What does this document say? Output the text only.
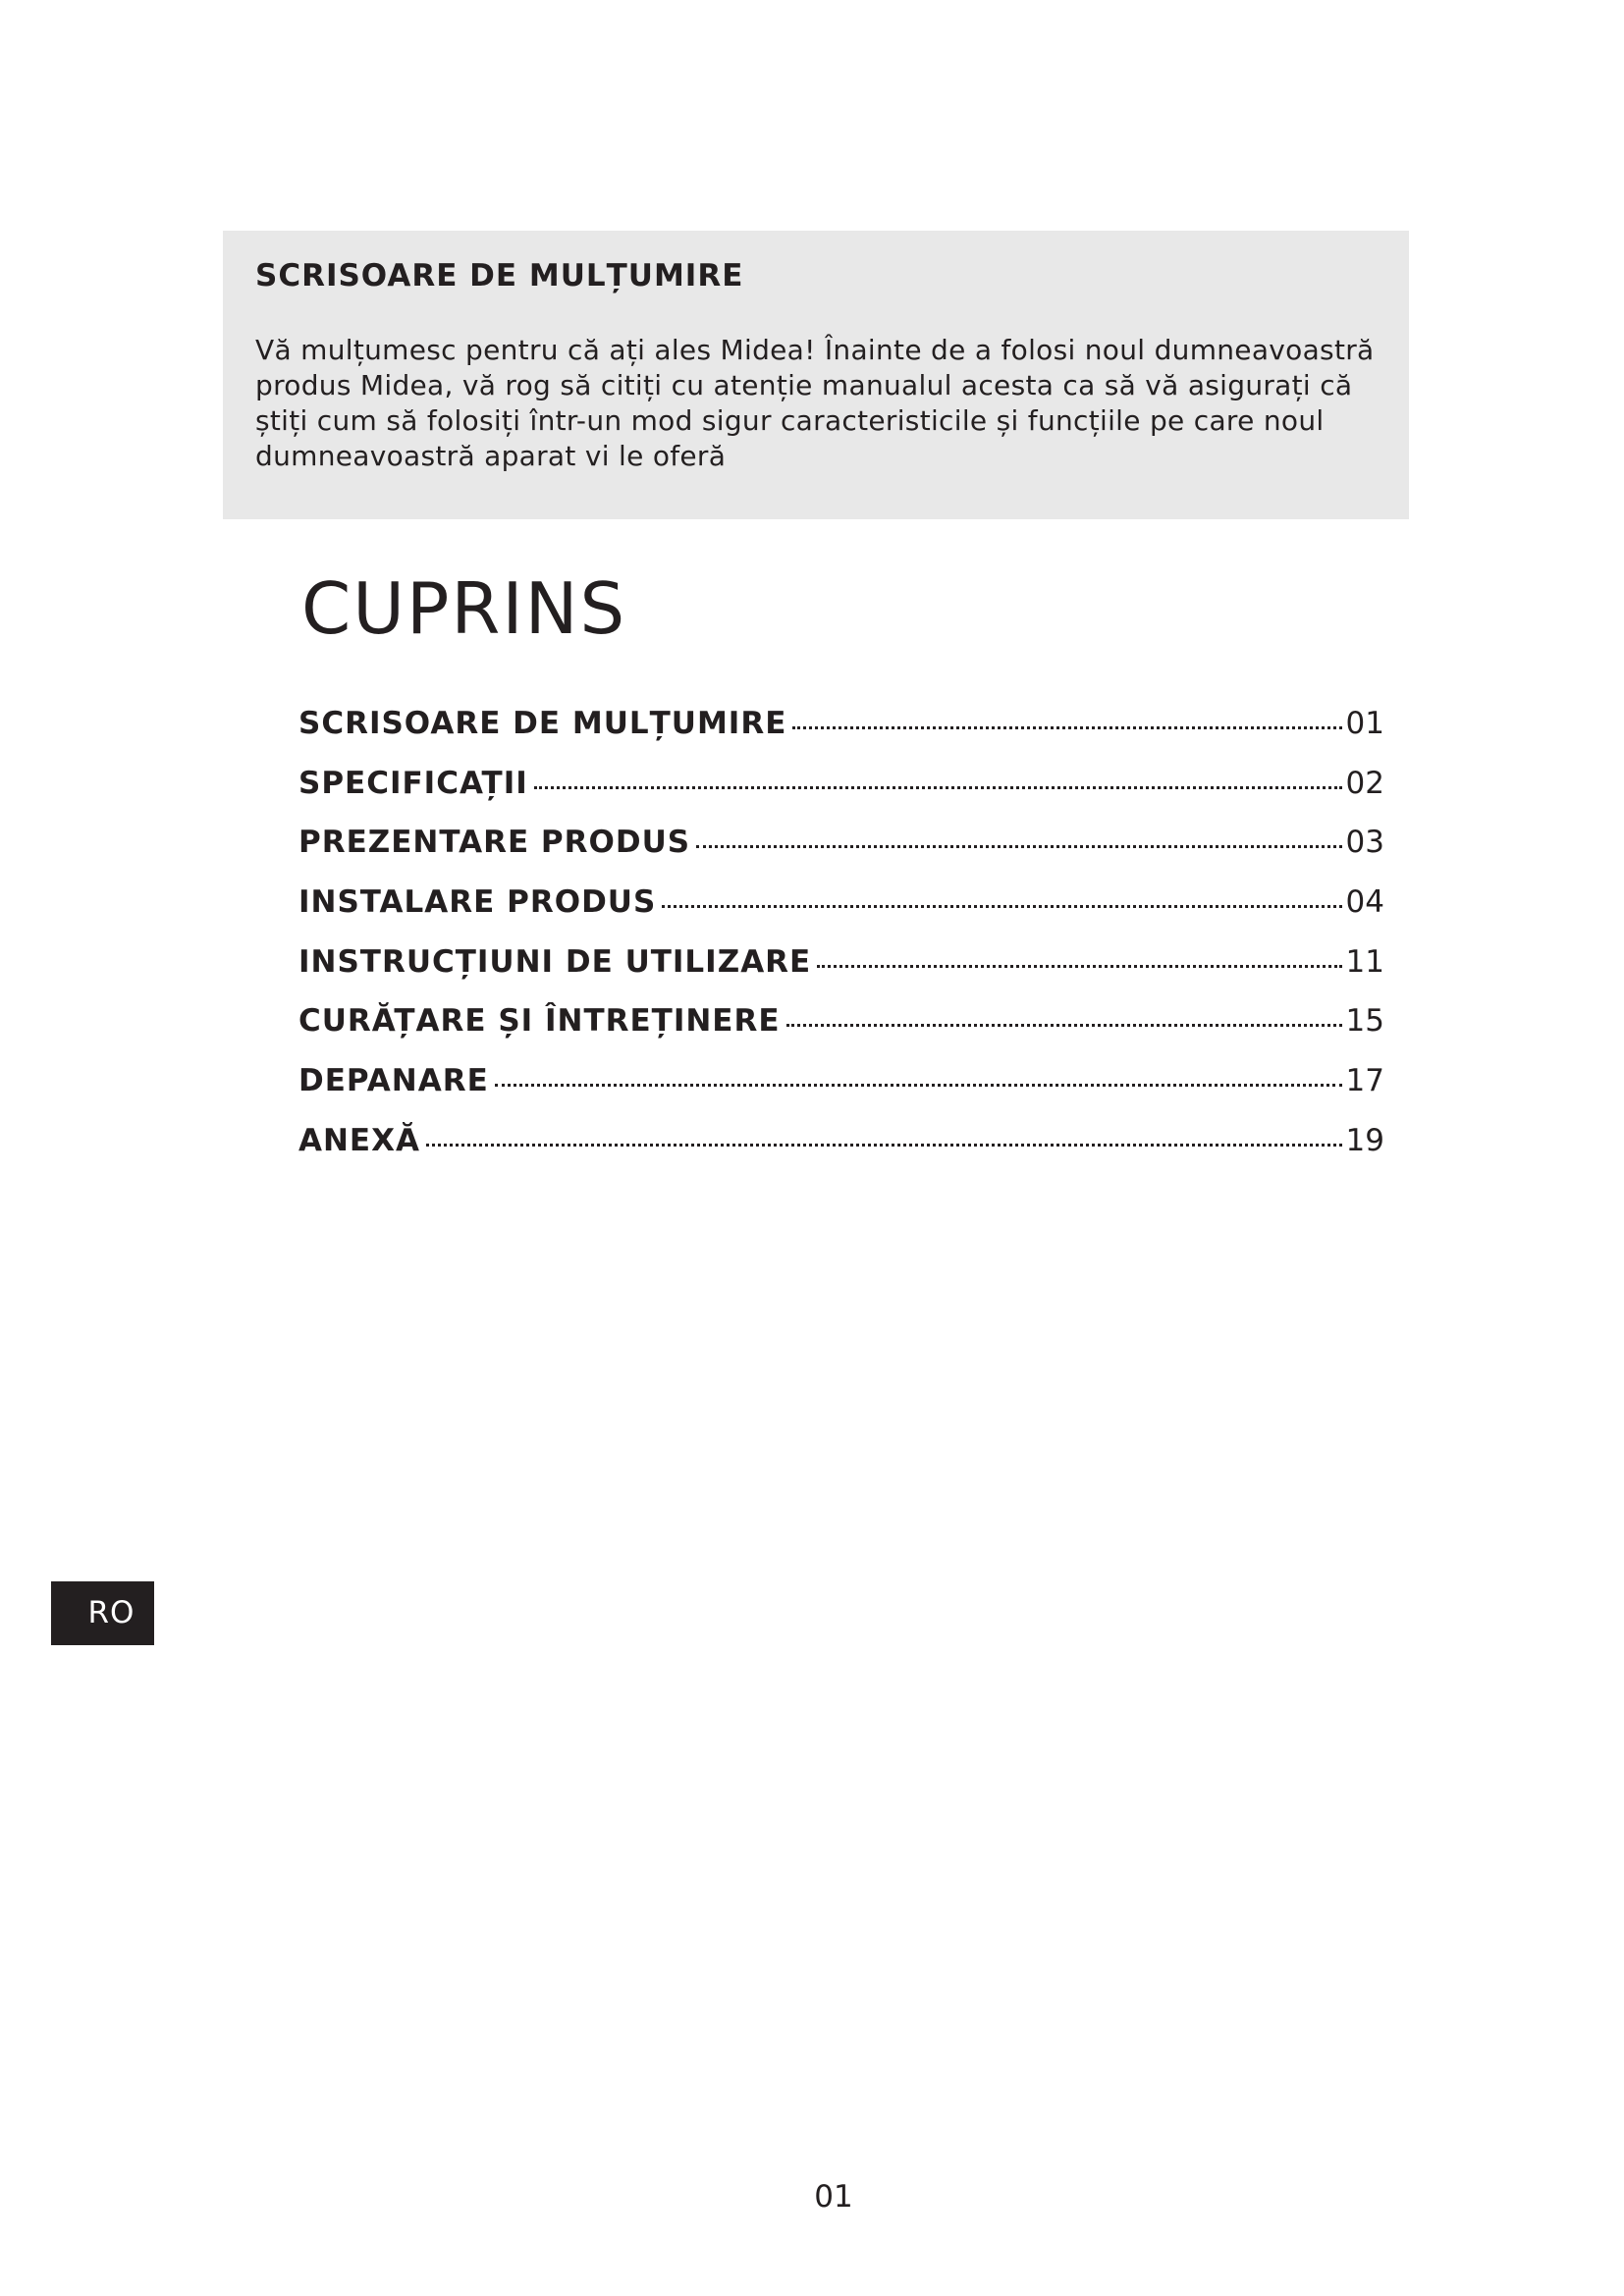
SCRISOARE DE MULȚUMIRE

Vă mulțumesc pentru că ați ales Midea! Înainte de a folosi noul dumneavoastră produs Midea, vă rog să citiți cu atenție manualul acesta ca să vă asigurați că știți cum să folosiți într-un mod sigur caracteristicile și funcțiile pe care noul dumneavoastră aparat vi le oferă

CUPRINS
SCRISOARE DE MULȚUMIRE	01
SPECIFICAȚII	02
PREZENTARE PRODUS	03
INSTALARE PRODUS	04
INSTRUCȚIUNI DE UTILIZARE	11
CURĂȚARE ȘI ÎNTREȚINERE	15
DEPANARE	17
ANEXĂ	19
RO
01
